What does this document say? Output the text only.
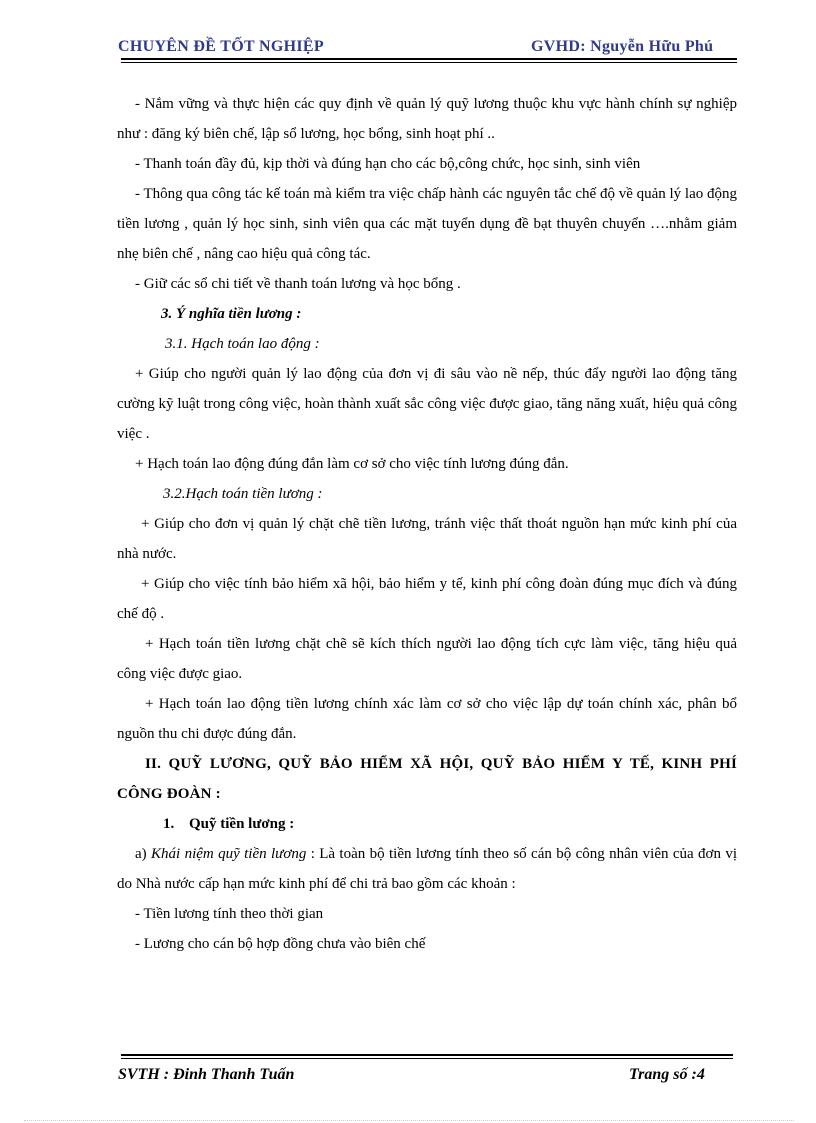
CHUYÊN ĐỀ TỐT NGHIỆP	GVHD: Nguyễn Hữu Phú

- Nắm vững và thực hiện các quy định về quản lý quỹ lương thuộc khu vực hành chính sự nghiệp như : đăng ký biên chế, lập sổ lương, học bổng, sinh hoạt phí ..

- Thanh toán đầy đủ, kịp thời và đúng hạn cho các bộ,công chức, học sinh, sinh viên

- Thông qua công tác kế toán mà kiểm tra việc chấp hành các nguyên tắc chế độ về quản lý lao động tiền lương , quản lý học sinh, sinh viên qua các mặt tuyển dụng đề bạt thuyên chuyển ….nhằm giảm nhẹ biên chế , nâng cao hiệu quả công tác.

- Giữ các sổ chi tiết về thanh toán lương và học bổng .

3. Ý nghĩa tiền lương :

3.1. Hạch toán lao động :

+ Giúp cho người quản lý lao động của đơn vị đi sâu vào nề nếp, thúc đẩy người lao động tăng cường kỹ luật trong công việc, hoàn thành xuất sắc công việc được giao, tăng năng xuất, hiệu quả công việc .

+ Hạch toán lao động đúng đắn làm cơ sở cho việc tính lương đúng đắn.

3.2.Hạch toán tiền lương :

+ Giúp cho đơn vị quản lý chặt chẽ tiền lương, tránh việc thất thoát nguồn hạn mức kinh phí của nhà nước.

+ Giúp cho việc tính bảo hiểm xã hội, bảo hiểm y tế, kinh phí công đoàn đúng mục đích và đúng chế độ .

+ Hạch toán tiền lương chặt chẽ sẽ kích thích người lao động tích cực làm việc, tăng hiệu quả công việc được giao.

+ Hạch toán lao động tiền lương chính xác làm cơ sở cho việc lập dự toán chính xác, phân bổ nguồn thu chi được đúng đắn.

II. QUỸ LƯƠNG, QUỸ BẢO HIỂM XÃ HỘI, QUỸ BẢO HIỂM Y TẾ, KINH PHÍ CÔNG ĐOÀN :

1. Quỹ tiền lương :

a) Khái niệm quỹ tiền lương : Là toàn bộ tiền lương tính theo số cán bộ công nhân viên của đơn vị do Nhà nước cấp hạn mức kinh phí để chi trả bao gồm các khoản :

- Tiền lương tính theo thời gian

- Lương cho cán bộ hợp đồng chưa vào biên chế

SVTH : Đinh Thanh Tuấn	Trang số :4
